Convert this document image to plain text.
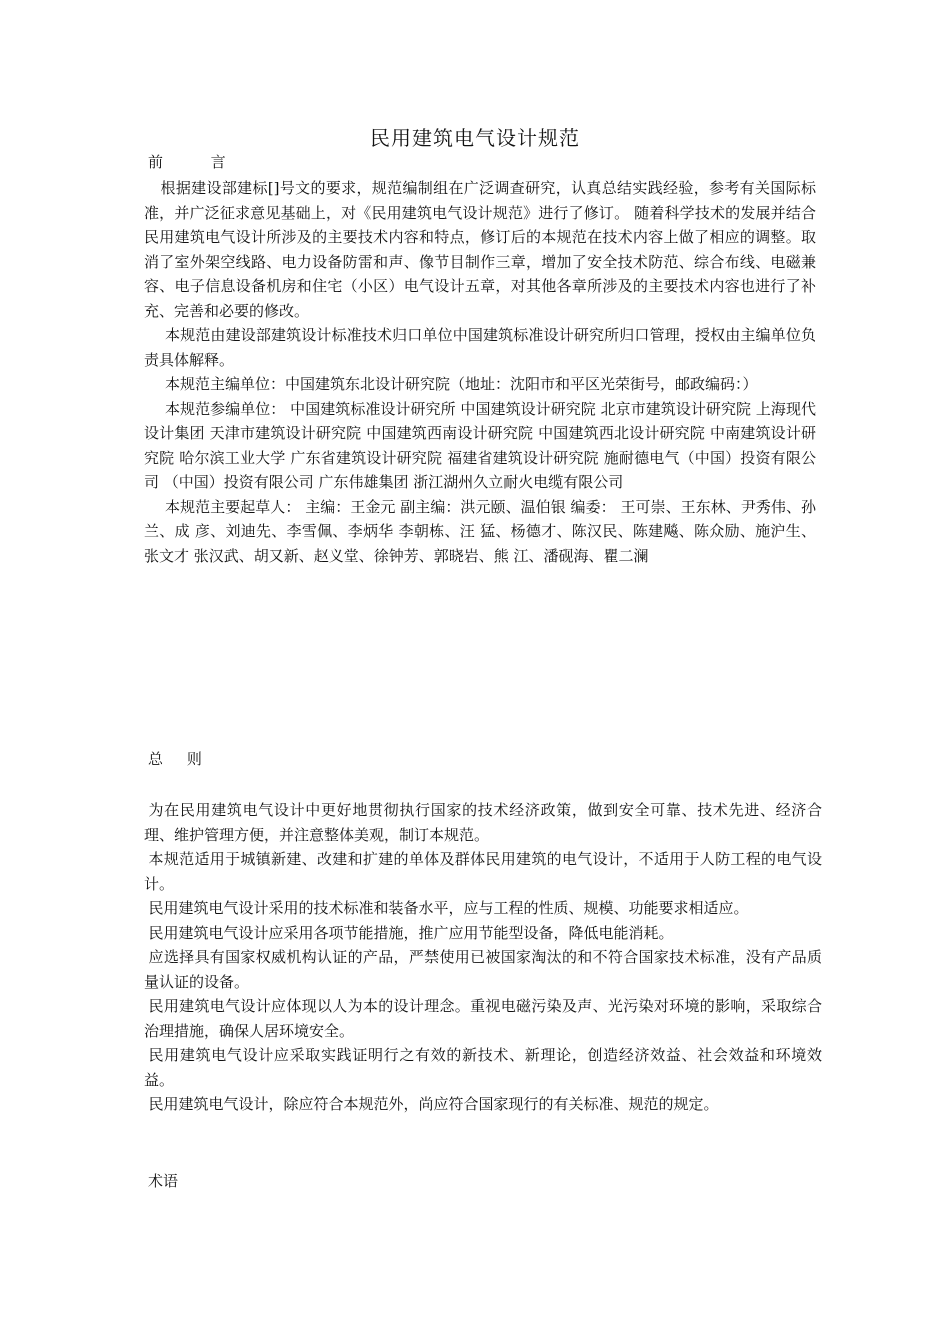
民用建筑电气设计规范
前          言

根据建设部建标[]号文的要求，规范编制组在广泛调查研究，认真总结实践经验，参考有关国际标准，并广泛征求意见基础上，对《民用建筑电气设计规范》进行了修订。 随着科学技术的发展并结合民用建筑电气设计所涉及的主要技术内容和特点，修订后的本规范在技术内容上做了相应的调整。取消了室外架空线路、电力设备防雷和声、像节目制作三章，增加了安全技术防范、综合布线、电磁兼容、电子信息设备机房和住宅（小区）电气设计五章，对其他各章所涉及的主要技术内容也进行了补充、完善和必要的修改。

本规范由建设部建筑设计标准技术归口单位中国建筑标准设计研究所归口管理，授权由主编单位负责具体解释。

本规范主编单位：中国建筑东北设计研究院（地址：沈阳市和平区光荣街号，邮政编码：）

本规范参编单位： 中国建筑标准设计研究所 中国建筑设计研究院 北京市建筑设计研究院 上海现代设计集团 天津市建筑设计研究院 中国建筑西南设计研究院 中国建筑西北设计研究院 中南建筑设计研究院 哈尔滨工业大学 广东省建筑设计研究院 福建省建筑设计研究院 施耐德电气（中国）投资有限公司 （中国）投资有限公司 广东伟雄集团 浙江湖州久立耐火电缆有限公司

本规范主要起草人： 主编：王金元 副主编：洪元颐、温伯银 编委： 王可崇、王东林、尹秀伟、孙 兰、成 彦、刘迪先、李雪佩、李炳华 李朝栋、汪 猛、杨德才、陈汉民、陈建飚、陈众励、施沪生、张文才 张汉武、胡又新、赵义堂、徐钟芳、郭晓岩、熊 江、潘砚海、瞿二澜

总     则

为在民用建筑电气设计中更好地贯彻执行国家的技术经济政策，做到安全可靠、技术先进、经济合理、维护管理方便，并注意整体美观，制订本规范。

本规范适用于城镇新建、改建和扩建的单体及群体民用建筑的电气设计，不适用于人防工程的电气设计。

民用建筑电气设计采用的技术标准和装备水平，应与工程的性质、规模、功能要求相适应。

民用建筑电气设计应采用各项节能措施，推广应用节能型设备，降低电能消耗。

应选择具有国家权威机构认证的产品，严禁使用已被国家淘汰的和不符合国家技术标准，没有产品质量认证的设备。

民用建筑电气设计应体现以人为本的设计理念。重视电磁污染及声、光污染对环境的影响，采取综合治理措施，确保人居环境安全。

民用建筑电气设计应采取实践证明行之有效的新技术、新理论，创造经济效益、社会效益和环境效益。

民用建筑电气设计，除应符合本规范外，尚应符合国家现行的有关标准、规范的规定。

术语
